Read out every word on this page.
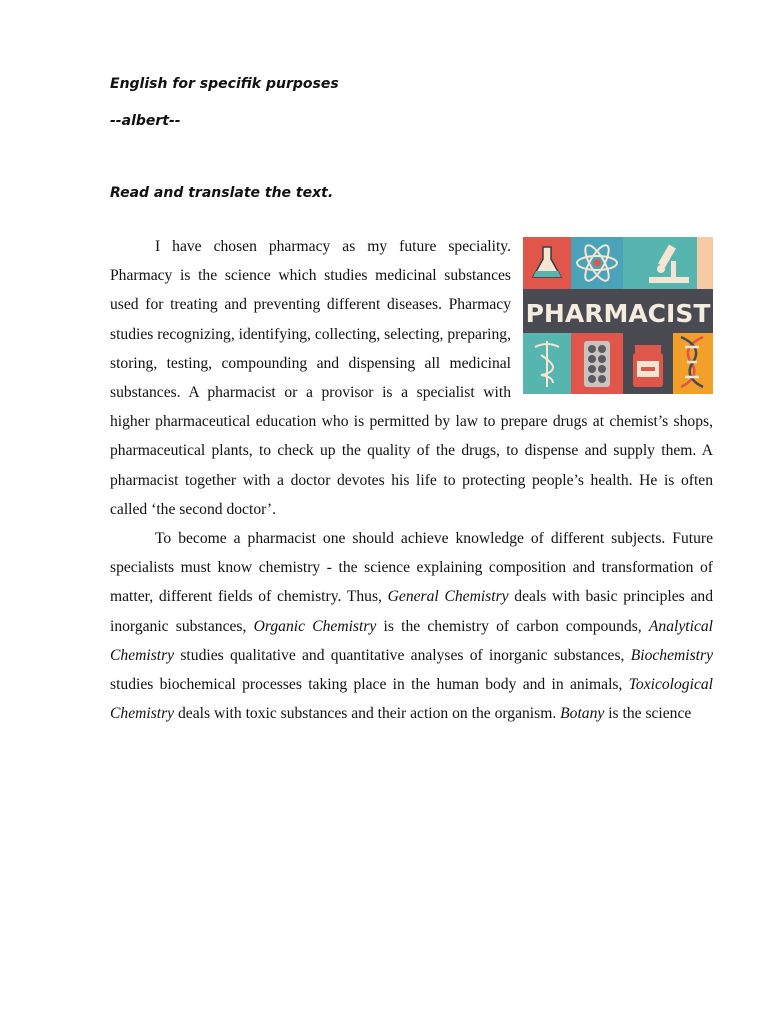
English for specifik purposes

--albert--

Read and translate the text.

PHARMACIST

I have chosen pharmacy as my future speciality. Pharmacy is the science which studies medicinal substances used for treating and preventing different diseases. Pharmacy studies recognizing, identifying, collecting, selecting, preparing, storing, testing, compounding and dispensing all medicinal substances. A pharmacist or a provisor is a specialist with higher pharmaceutical education who is permitted by law to prepare drugs at chemist’s shops, pharmaceutical plants, to check up the quality of the drugs, to dispense and supply them. A pharmacist together with a doctor devotes his life to protecting people’s health. He is often called ‘the second doctor’.

To become a pharmacist one should achieve knowledge of different subjects. Future specialists must know chemistry - the science explaining composition and transformation of matter, different fields of chemistry. Thus, General Chemistry deals with basic principles and inorganic substances, Organic Chemistry is the chemistry of carbon compounds, Analytical Chemistry studies qualitative and quantitative analyses of inorganic substances, Biochemistry studies biochemical processes taking place in the human body and in animals, Toxicological Chemistry deals with toxic substances and their action on the organism. Botany is the science
